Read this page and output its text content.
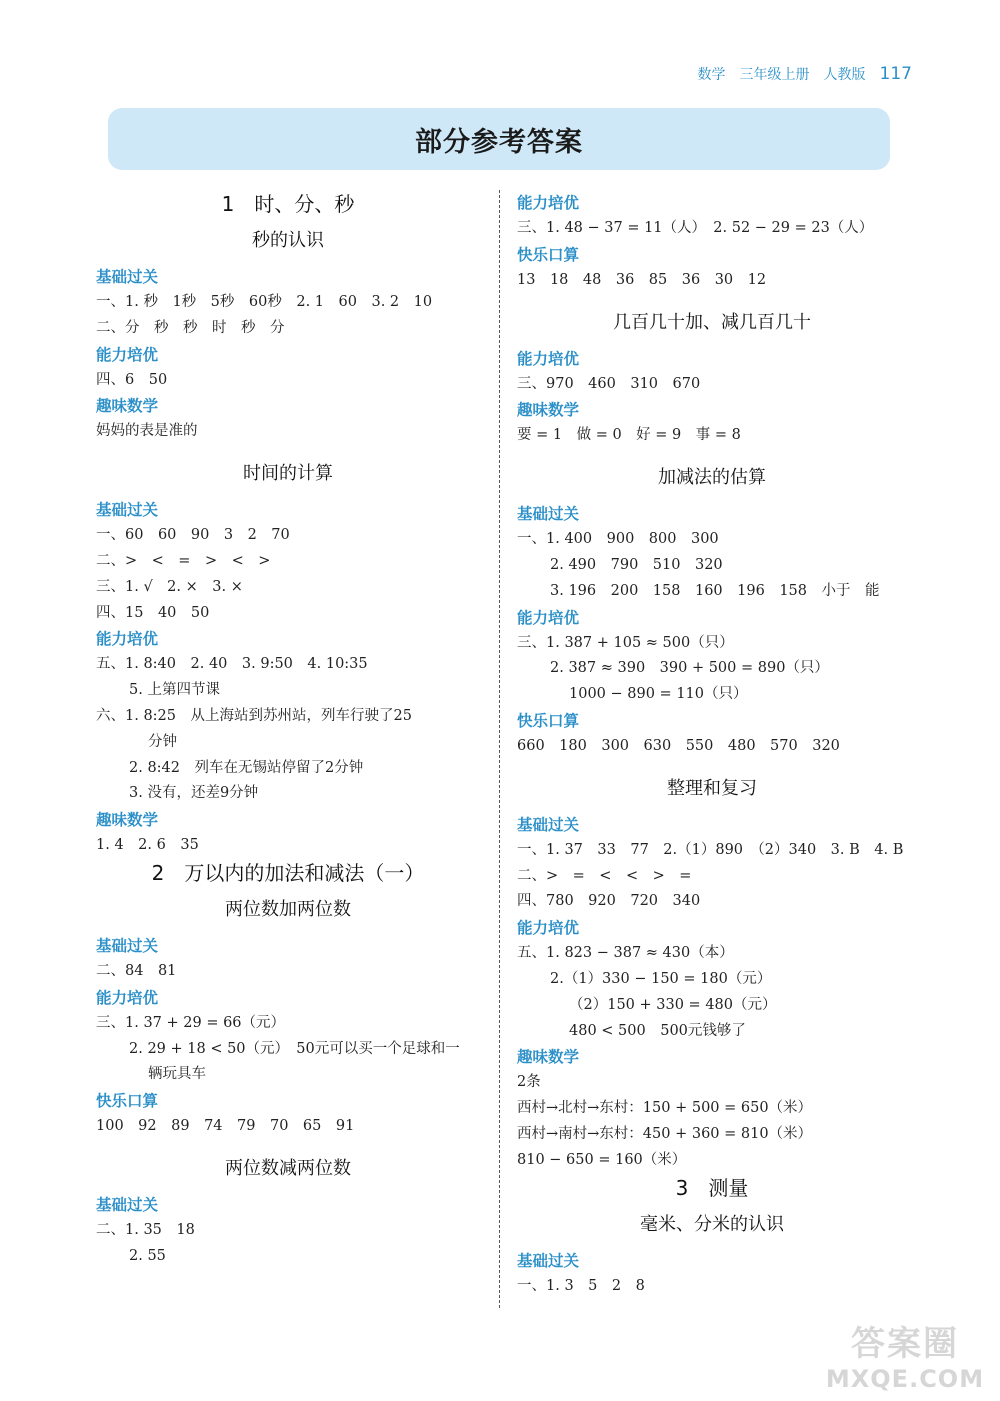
数学 三年级上册 人教版 117
部分参考答案
1　时、分、秒
秒的认识
基础过关
一、1. 秒　1秒　5秒　60秒　2. 1　60　3. 2　10
二、分　秒　秒　时　秒　分
能力培优
四、6　50
趣味数学
妈妈的表是准的
时间的计算
基础过关
一、60　60　90　3　2　70
二、>　<　=　>　<　>
三、1. √　2. ×　3. ×
四、15　40　50
能力培优
五、1. 8:40　2. 40　3. 9:50　4. 10:35
5. 上第四节课
六、1. 8:25　从上海站到苏州站，列车行驶了25
分钟
2. 8:42　列车在无锡站停留了2分钟
3. 没有，还差9分钟
趣味数学
1. 4　2. 6　35
2　万以内的加法和减法（一）
两位数加两位数
基础过关
二、84　81
能力培优
三、1. 37 + 29 = 66（元）
2. 29 + 18 < 50（元）　50元可以买一个足球和一
辆玩具车
快乐口算
100　92　89　74　79　70　65　91
两位数减两位数
基础过关
二、1. 35　18
2. 55
能力培优
三、1. 48 − 37 = 11（人）　2. 52 − 29 = 23（人）
快乐口算
13　18　48　36　85　36　30　12
几百几十加、减几百几十
能力培优
三、970　460　310　670
趣味数学
要 = 1　做 = 0　好 = 9　事 = 8
加减法的估算
基础过关
一、1. 400　900　800　300
2. 490　790　510　320
3. 196　200　158　160　196　158　小于　能
能力培优
三、1. 387 + 105 ≈ 500（只）
2. 387 ≈ 390　390 + 500 = 890（只）
1000 − 890 = 110（只）
快乐口算
660　180　300　630　550　480　570　320
整理和复习
基础过关
一、1. 37　33　77　2.（1）890　（2）340　3. B　4. B
二、>　=　<　<　>　=
四、780　920　720　340
能力培优
五、1. 823 − 387 ≈ 430（本）
2.（1）330 − 150 = 180（元）
（2）150 + 330 = 480（元）
480 < 500　500元钱够了
趣味数学
2条
西村→北村→东村：150 + 500 = 650（米）
西村→南村→东村：450 + 360 = 810（米）
810 − 650 = 160（米）
3　测量
毫米、分米的认识
基础过关
一、1. 3　5　2　8
答案圈
MXQE.COM
